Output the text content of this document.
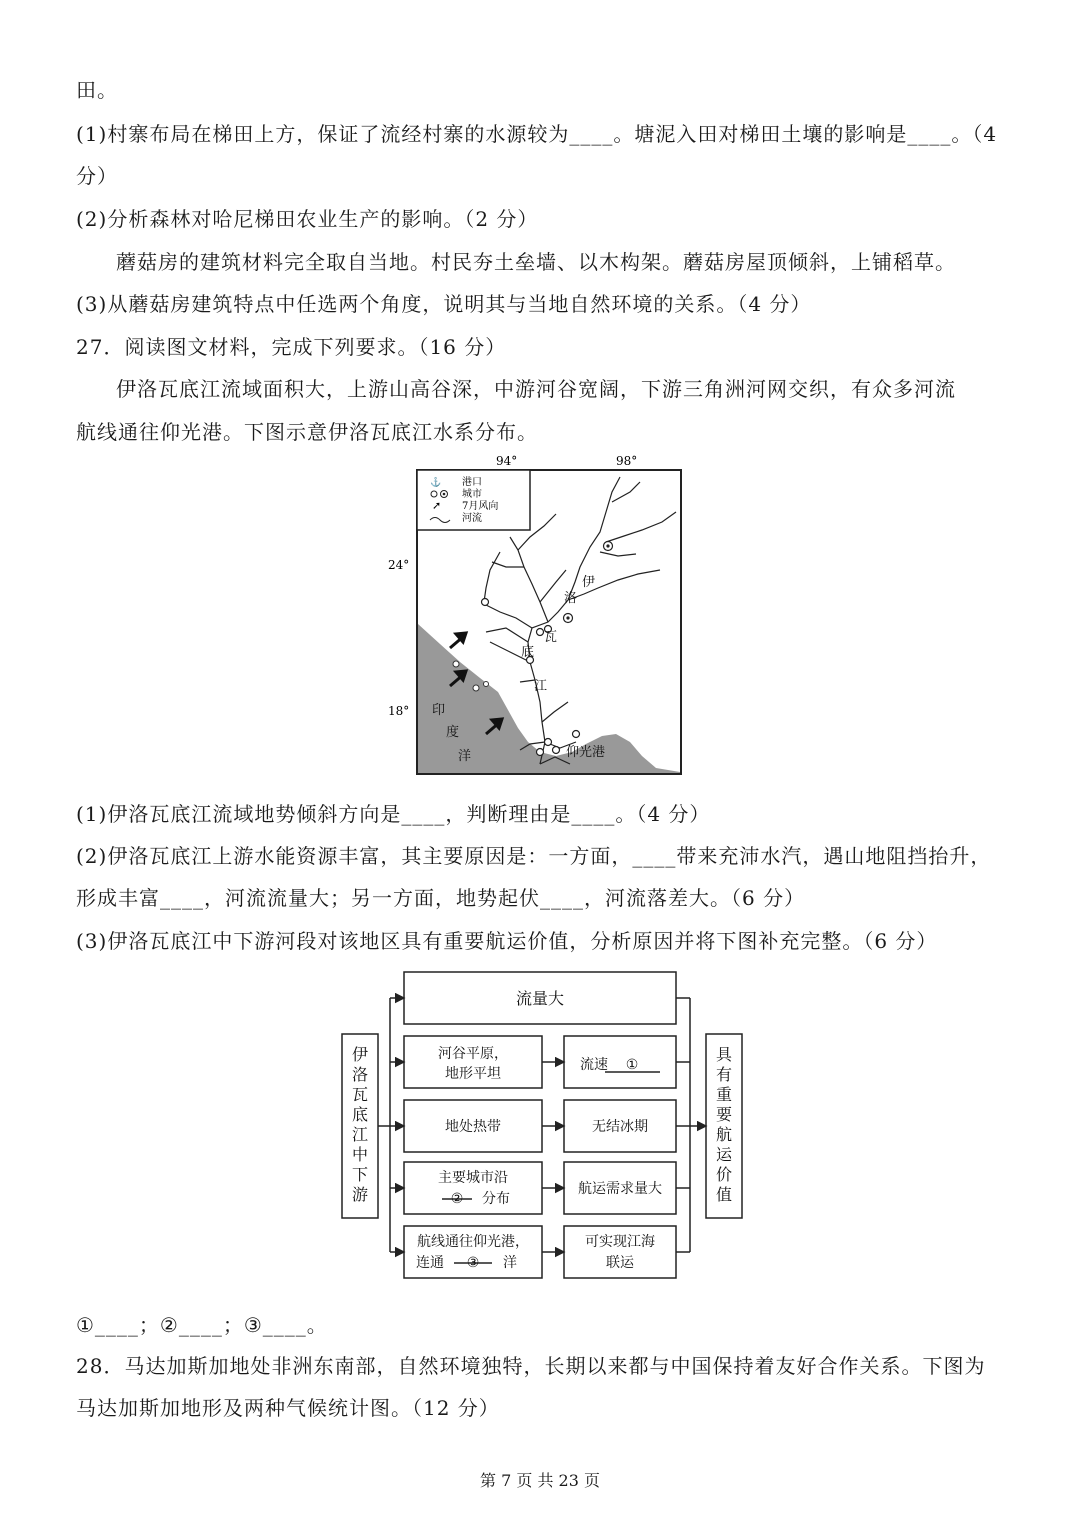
田。
(1)村寨布局在梯田上方，保证了流经村寨的水源较为____。塘泥入田对梯田土壤的影响是____。（4
分）
(2)分析森林对哈尼梯田农业生产的影响。（2 分）
蘑菇房的建筑材料完全取自当地。村民夯土垒墙、以木构架。蘑菇房屋顶倾斜，上铺稻草。
(3)从蘑菇房建筑特点中任选两个角度，说明其与当地自然环境的关系。（4 分）
27．阅读图文材料，完成下列要求。（16 分）
伊洛瓦底江流域面积大，上游山高谷深，中游河谷宽阔，下游三角洲河网交织，有众多河流
航线通往仰光港。下图示意伊洛瓦底江水系分布。
94°	98°
24°
18°
⚓ 港口
城市
➚ 7月风向
河流
伊
洛
瓦
底
江
印
度
洋	仰光港
(1)伊洛瓦底江流域地势倾斜方向是____，判断理由是____。（4 分）
(2)伊洛瓦底江上游水能资源丰富，其主要原因是：一方面，____带来充沛水汽，遇山地阻挡抬升，
形成丰富____，河流流量大；另一方面，地势起伏____，河流落差大。（6 分）
(3)伊洛瓦底江中下游河段对该地区具有重要航运价值，分析原因并将下图补充完整。（6 分）
伊
洛
瓦
底
江
中
下
游
具
有
重
要
航
运
价
值
流量大
河谷平原，
地形平坦
流速 ①
地处热带	无结冰期
主要城市沿
② 分布
航运需求量大
航线通往仰光港，
连通 ③ 洋
可实现江海
联运
①____；②____；③____。
28．马达加斯加地处非洲东南部，自然环境独特，长期以来都与中国保持着友好合作关系。下图为
马达加斯加地形及两种气候统计图。（12 分）
第 7 页 共 23 页
